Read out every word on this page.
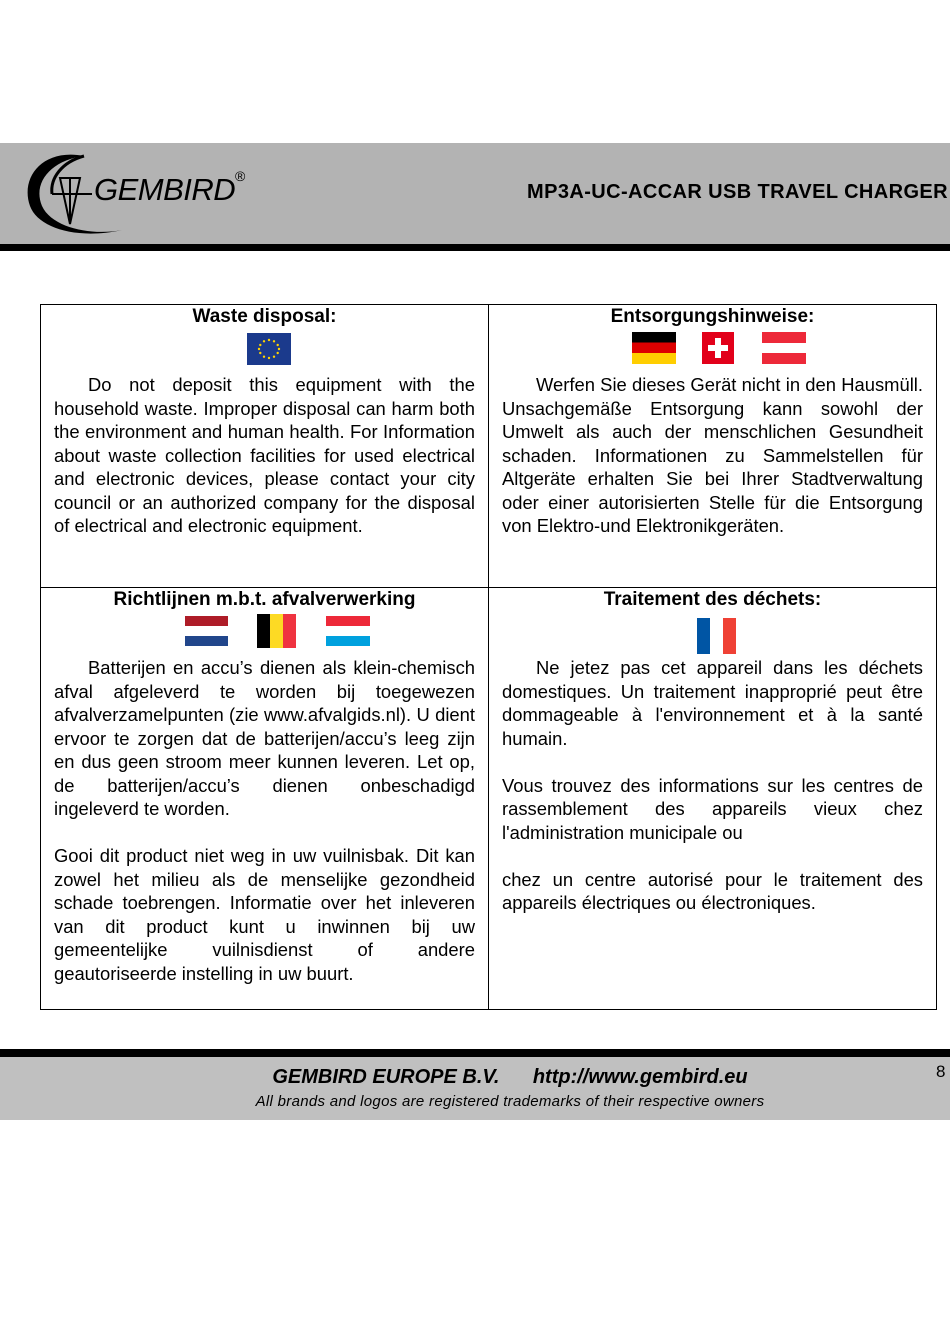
GEMBIRD ®
MP3A-UC-ACCAR USB TRAVEL CHARGER
Waste disposal:

Do not deposit this equipment with the household waste. Improper disposal can harm both the environment and human health. For Information about waste collection facilities for used electrical and electronic devices, please contact your city council or an authorized company for the disposal of electrical and electronic equipment.

Entsorgungshinweise:

Werfen Sie dieses Gerät nicht in den Hausmüll. Unsachgemäße Entsorgung kann sowohl der Umwelt als auch der menschlichen Gesundheit schaden. Informationen zu Sammelstellen für Altgeräte erhalten Sie bei Ihrer Stadtverwaltung oder einer autorisierten Stelle für die Entsorgung von Elektro-und Elektronikgeräten.

Richtlijnen m.b.t. afvalverwerking

Batterijen en accu’s dienen als klein-chemisch afval afgeleverd te worden bij toegewezen afvalverzamelpunten (zie www.afvalgids.nl). U dient ervoor te zorgen dat de batterijen/accu’s leeg zijn en dus geen stroom meer kunnen leveren. Let op, de batterijen/accu’s dienen onbeschadigd ingeleverd te worden.

Gooi dit product niet weg in uw vuilnisbak. Dit kan zowel het milieu als de menselijke gezondheid schade toebrengen. Informatie over het inleveren van dit product kunt u inwinnen bij uw gemeentelijke vuilnisdienst of andere geautoriseerde instelling in uw buurt.

Traitement des déchets:

Ne jetez pas cet appareil dans les déchets domestiques. Un traitement inapproprié peut être dommageable à l'environnement et à la santé humain.

Vous trouvez des informations sur les centres de rassemblement des appareils vieux chez l'administration municipale ou

chez un centre autorisé pour le traitement des appareils électriques ou électroniques.

GEMBIRD EUROPE B.V. http://www.gembird.eu
All brands and logos are registered trademarks of their respective owners
8
